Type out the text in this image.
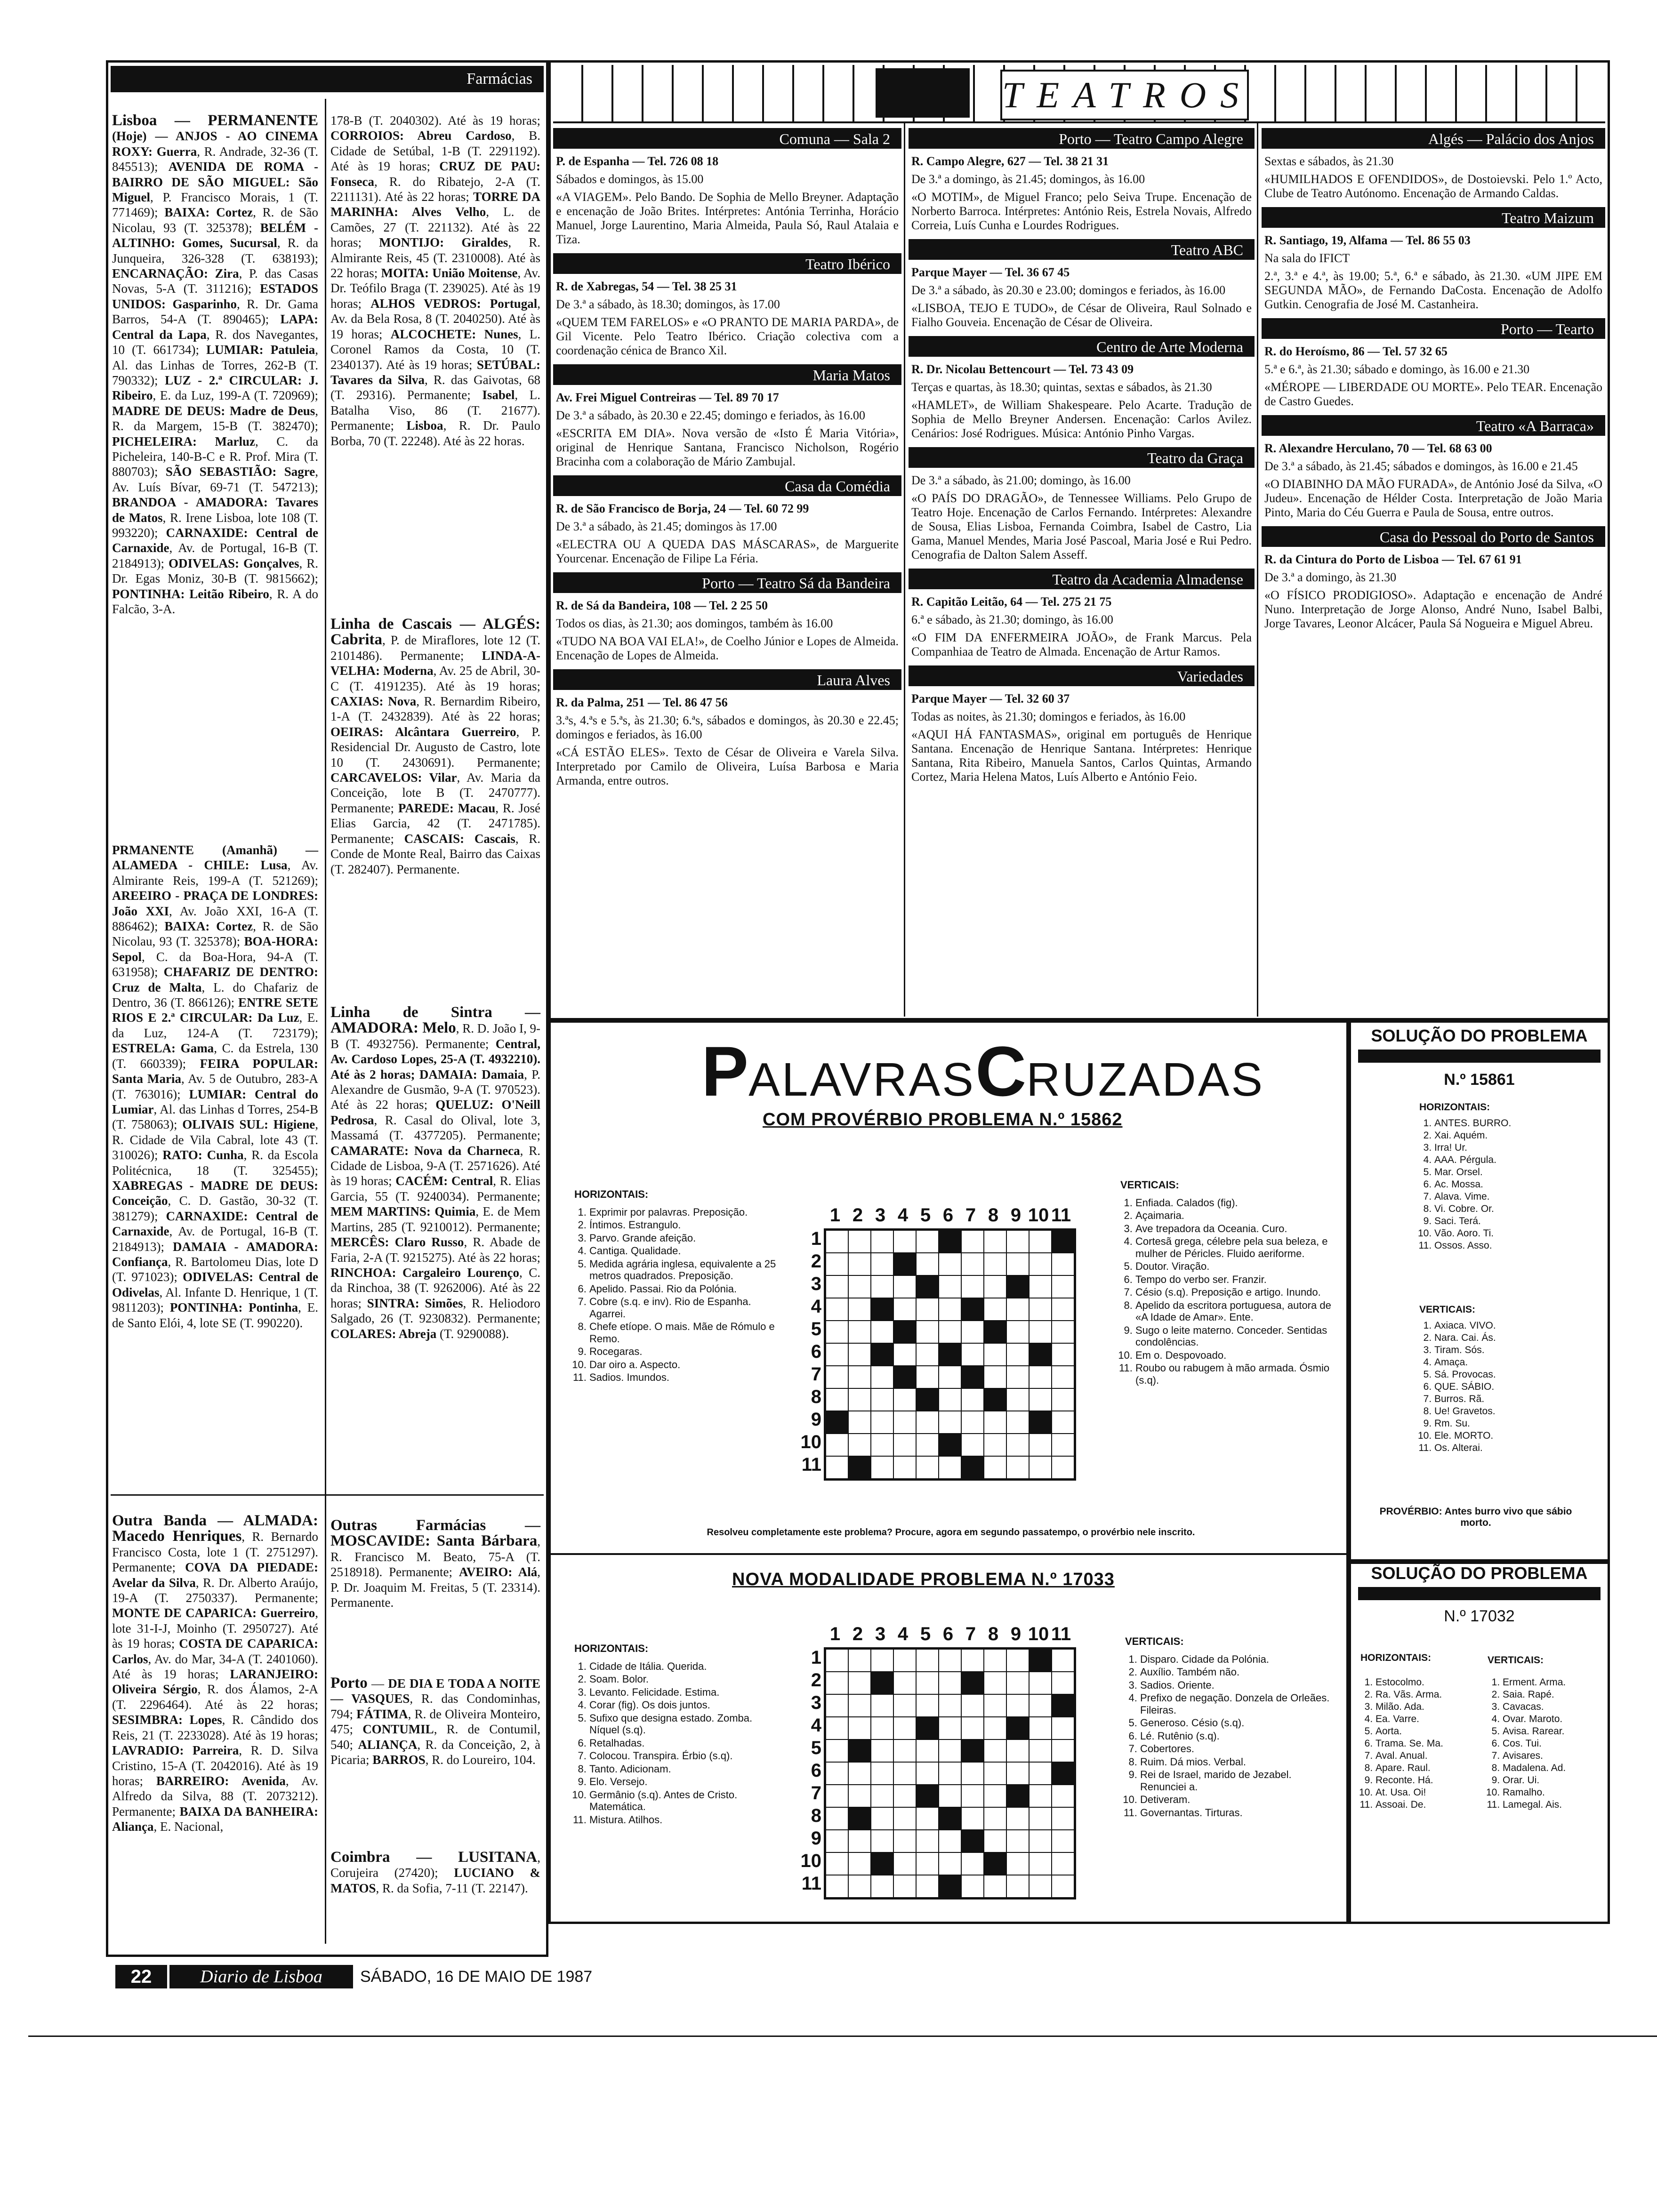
Farmácias

Lisboa — PERMANENTE (Hoje) — ANJOS - AO CINEMA ROXY: Guerra, R. Andrade, 32-36 (T. 845513); AVENIDA DE ROMA - BAIRRO DE SÃO MIGUEL: São Miguel, P. Francisco Morais, 1 (T. 771469); BAIXA: Cortez, R. de São Nicolau, 93 (T. 325378); BELÉM - ALTINHO: Gomes, Sucursal, R. da Junqueira, 326-328 (T. 638193); ENCARNAÇÃO: Zira, P. das Casas Novas, 5-A (T. 311216); ESTADOS UNIDOS: Gasparinho, R. Dr. Gama Barros, 54-A (T. 890465); LAPA: Central da Lapa, R. dos Navegantes, 10 (T. 661734); LUMIAR: Patuleia, Al. das Linhas de Torres, 262-B (T. 790332); LUZ - 2.ª CIRCULAR: J. Ribeiro, E. da Luz, 199-A (T. 720969); MADRE DE DEUS: Madre de Deus, R. da Margem, 15-B (T. 382470); PICHELEIRA: Marluz, C. da Picheleira, 140-B-C e R. Prof. Mira (T. 880703); SÃO SEBASTIÃO: Sagre, Av. Luís Bívar, 69-71 (T. 547213); BRANDOA - AMADORA: Tavares de Matos, R. Irene Lisboa, lote 108 (T. 993220); CARNAXIDE: Central de Carnaxide, Av. de Portugal, 16-B (T. 2184913); ODIVELAS: Gonçalves, R. Dr. Egas Moniz, 30-B (T. 9815662); PONTINHA: Leitão Ribeiro, R. A do Falcão, 3-A.

PRMANENTE (Amanhã) — ALAMEDA - CHILE: Lusa, Av. Almirante Reis, 199-A (T. 521269); AREEIRO - PRAÇA DE LONDRES: João XXI, Av. João XXI, 16-A (T. 886462); BAIXA: Cortez, R. de São Nicolau, 93 (T. 325378); BOA-HORA: Sepol, C. da Boa-Hora, 94-A (T. 631958); CHAFARIZ DE DENTRO: Cruz de Malta, L. do Chafariz de Dentro, 36 (T. 866126); ENTRE SETE RIOS E 2.ª CIRCULAR: Da Luz, E. da Luz, 124-A (T. 723179); ESTRELA: Gama, C. da Estrela, 130 (T. 660339); FEIRA POPULAR: Santa Maria, Av. 5 de Outubro, 283-A (T. 763016); LUMIAR: Central do Lumiar, Al. das Linhas d Torres, 254-B (T. 758063); OLIVAIS SUL: Higiene, R. Cidade de Vila Cabral, lote 43 (T. 310026); RATO: Cunha, R. da Escola Politécnica, 18 (T. 325455); XABREGAS - MADRE DE DEUS: Conceição, C. D. Gastão, 30-32 (T. 381279); CARNAXIDE: Central de Carnaxide, Av. de Portugal, 16-B (T. 2184913); DAMAIA - AMADORA: Confiança, R. Bartolomeu Dias, lote D (T. 971023); ODIVELAS: Central de Odivelas, Al. Infante D. Henrique, 1 (T. 9811203); PONTINHA: Pontinha, E. de Santo Elói, 4, lote SE (T. 990220).

Outra Banda — ALMADA: Macedo Henriques, R. Bernardo Francisco Costa, lote 1 (T. 2751297). Permanente; COVA DA PIEDADE: Avelar da Silva, R. Dr. Alberto Araújo, 19-A (T. 2750337). Permanente; MONTE DE CAPARICA: Guerreiro, lote 31-I-J, Moinho (T. 2950727). Até às 19 horas; COSTA DE CAPARICA: Carlos, Av. do Mar, 34-A (T. 2401060). Até às 19 horas; LARANJEIRO: Oliveira Sérgio, R. dos Álamos, 2-A (T. 2296464). Até às 22 horas; SESIMBRA: Lopes, R. Cândido dos Reis, 21 (T. 2233028). Até às 19 horas; LAVRADIO: Parreira, R. D. Silva Cristino, 15-A (T. 2042016). Até às 19 horas; BARREIRO: Avenida, Av. Alfredo da Silva, 88 (T. 2073212). Permanente; BAIXA DA BANHEIRA: Aliança, E. Nacional,

178-B (T. 2040302). Até às 19 horas; CORROIOS: Abreu Cardoso, B. Cidade de Setúbal, 1-B (T. 2291192). Até às 19 horas; CRUZ DE PAU: Fonseca, R. do Ribatejo, 2-A (T. 2211131). Até às 22 horas; TORRE DA MARINHA: Alves Velho, L. de Camões, 27 (T. 221132). Até às 22 horas; MONTIJO: Giraldes, R. Almirante Reis, 45 (T. 2310008). Até às 22 horas; MOITA: União Moitense, Av. Dr. Teófilo Braga (T. 239025). Até às 19 horas; ALHOS VEDROS: Portugal, Av. da Bela Rosa, 8 (T. 2040250). Até às 19 horas; ALCOCHETE: Nunes, L. Coronel Ramos da Costa, 10 (T. 2340137). Até às 19 horas; SETÚBAL: Tavares da Silva, R. das Gaivotas, 68 (T. 29316). Permanente; Isabel, L. Batalha Viso, 86 (T. 21677). Permanente; Lisboa, R. Dr. Paulo Borba, 70 (T. 22248). Até às 22 horas.

Linha de Cascais — ALGÉS: Cabrita, P. de Miraflores, lote 12 (T. 2101486). Permanente; LINDA-A-VELHA: Moderna, Av. 25 de Abril, 30-C (T. 4191235). Até às 19 horas; CAXIAS: Nova, R. Bernardim Ribeiro, 1-A (T. 2432839). Até às 22 horas; OEIRAS: Alcântara Guerreiro, P. Residencial Dr. Augusto de Castro, lote 10 (T. 2430691). Permanente; CARCAVELOS: Vilar, Av. Maria da Conceição, lote B (T. 2470777). Permanente; PAREDE: Macau, R. José Elias Garcia, 42 (T. 2471785). Permanente; CASCAIS: Cascais, R. Conde de Monte Real, Bairro das Caixas (T. 282407). Permanente.

Linha de Sintra — AMADORA: Melo, R. D. João I, 9-B (T. 4932756). Permanente; Central, Av. Cardoso Lopes, 25-A (T. 4932210). Até às 2 horas; DAMAIA: Damaia, P. Alexandre de Gusmão, 9-A (T. 970523). Até às 22 horas; QUELUZ: O'Neill Pedrosa, R. Casal do Olival, lote 3, Massamá (T. 4377205). Permanente; CAMARATE: Nova da Charneca, R. Cidade de Lisboa, 9-A (T. 2571626). Até às 19 horas; CACÉM: Central, R. Elias Garcia, 55 (T. 9240034). Permanente; MEM MARTINS: Quimia, E. de Mem Martins, 285 (T. 9210012). Permanente; MERCÊS: Claro Russo, R. Abade de Faria, 2-A (T. 9215275). Até às 22 horas; RINCHOA: Cargaleiro Lourenço, C. da Rinchoa, 38 (T. 9262006). Até às 22 horas; SINTRA: Simões, R. Heliodoro Salgado, 26 (T. 9230832). Permanente; COLARES: Abreja (T. 9290088).

Outras Farmácias — MOSCAVIDE: Santa Bárbara, R. Francisco M. Beato, 75-A (T. 2518918). Permanente; AVEIRO: Alá, P. Dr. Joaquim M. Freitas, 5 (T. 23314). Permanente.

Porto — DE DIA E TODA A NOITE — VASQUES, R. das Condominhas, 794; FÁTIMA, R. de Oliveira Monteiro, 475; CONTUMIL, R. de Contumil, 540; ALIANÇA, R. da Conceição, 2, à Picaria; BARROS, R. do Loureiro, 104.

Coimbra — LUSITANA, Corujeira (27420); LUCIANO & MATOS, R. da Sofia, 7-11 (T. 22147).

TEATROS
Comuna — Sala 2
P. de Espanha — Tel. 726 08 18
Sábados e domingos, às 15.00
«A VIAGEM». Pelo Bando. De Sophia de Mello Breyner. Adaptação e encenação de João Brites. Intérpretes: Antónia Terrinha, Horácio Manuel, Jorge Laurentino, Maria Almeida, Paula Só, Raul Atalaia e Tiza.
Teatro Ibérico
R. de Xabregas, 54 — Tel. 38 25 31
De 3.ª a sábado, às 18.30; domingos, às 17.00
«QUEM TEM FARELOS» e «O PRANTO DE MARIA PARDA», de Gil Vicente. Pelo Teatro Ibérico. Criação colectiva com a coordenação cénica de Branco Xil.
Maria Matos
Av. Frei Miguel Contreiras — Tel. 89 70 17
De 3.ª a sábado, às 20.30 e 22.45; domingo e feriados, às 16.00
«ESCRITA EM DIA». Nova versão de «Isto É Maria Vitória», original de Henrique Santana, Francisco Nicholson, Rogério Bracinha com a colaboração de Mário Zambujal.
Casa da Comédia
R. de São Francisco de Borja, 24 — Tel. 60 72 99
De 3.ª a sábado, às 21.45; domingos às 17.00
«ELECTRA OU A QUEDA DAS MÁSCARAS», de Marguerite Yourcenar. Encenação de Filipe La Féria.
Porto — Teatro Sá da Bandeira
R. de Sá da Bandeira, 108 — Tel. 2 25 50
Todos os dias, às 21.30; aos domingos, também às 16.00
«TUDO NA BOA VAI ELA!», de Coelho Júnior e Lopes de Almeida. Encenação de Lopes de Almeida.
Laura Alves
R. da Palma, 251 — Tel. 86 47 56
3.ªs, 4.ªs e 5.ªs, às 21.30; 6.ªs, sábados e domingos, às 20.30 e 22.45; domingos e feriados, às 16.00
«CÁ ESTÃO ELES». Texto de César de Oliveira e Varela Silva. Interpretado por Camilo de Oliveira, Luísa Barbosa e Maria Armanda, entre outros.
Porto — Teatro Campo Alegre
R. Campo Alegre, 627 — Tel. 38 21 31
De 3.ª a domingo, às 21.45; domingos, às 16.00
«O MOTIM», de Miguel Franco; pelo Seiva Trupe. Encenação de Norberto Barroca. Intérpretes: António Reis, Estrela Novais, Alfredo Correia, Luís Cunha e Lourdes Rodrigues.
Teatro ABC
Parque Mayer — Tel. 36 67 45
De 3.ª a sábado, às 20.30 e 23.00; domingos e feriados, às 16.00
«LISBOA, TEJO E TUDO», de César de Oliveira, Raul Solnado e Fialho Gouveia. Encenação de César de Oliveira.
Centro de Arte Moderna
R. Dr. Nicolau Bettencourt — Tel. 73 43 09
Terças e quartas, às 18.30; quintas, sextas e sábados, às 21.30
«HAMLET», de William Shakespeare. Pelo Acarte. Tradução de Sophia de Mello Breyner Andersen. Encenação: Carlos Avilez. Cenários: José Rodrigues. Música: António Pinho Vargas.
Teatro da Graça
De 3.ª a sábado, às 21.00; domingo, às 16.00
«O PAÍS DO DRAGÃO», de Tennessee Williams. Pelo Grupo de Teatro Hoje. Encenação de Carlos Fernando. Intérpretes: Alexandre de Sousa, Elias Lisboa, Fernanda Coimbra, Isabel de Castro, Lia Gama, Manuel Mendes, Maria José Pascoal, Maria José e Rui Pedro. Cenografia de Dalton Salem Asseff.
Teatro da Academia Almadense
R. Capitão Leitão, 64 — Tel. 275 21 75
6.ª e sábado, às 21.30; domingo, às 16.00
«O FIM DA ENFERMEIRA JOÃO», de Frank Marcus. Pela Companhiaa de Teatro de Almada. Encenação de Artur Ramos.
Variedades
Parque Mayer — Tel. 32 60 37
Todas as noites, às 21.30; domingos e feriados, às 16.00
«AQUI HÁ FANTASMAS», original em português de Henrique Santana. Encenação de Henrique Santana. Intérpretes: Henrique Santana, Rita Ribeiro, Manuela Santos, Carlos Quintas, Armando Cortez, Maria Helena Matos, Luís Alberto e António Feio.
Algés — Palácio dos Anjos
Sextas e sábados, às 21.30
«HUMILHADOS E OFENDIDOS», de Dostoievski. Pelo 1.º Acto, Clube de Teatro Autónomo. Encenação de Armando Caldas.
Teatro Maizum
R. Santiago, 19, Alfama — Tel. 86 55 03
Na sala do IFICT
2.ª, 3.ª e 4.ª, às 19.00; 5.ª, 6.ª e sábado, às 21.30. «UM JIPE EM SEGUNDA MÃO», de Fernando DaCosta. Encenação de Adolfo Gutkin. Cenografia de José M. Castanheira.
Porto — Tearto
R. do Heroísmo, 86 — Tel. 57 32 65
5.ª e 6.ª, às 21.30; sábado e domingo, às 16.00 e 21.30
«MÉROPE — LIBERDADE OU MORTE». Pelo TEAR. Encenação de Castro Guedes.
Teatro «A Barraca»
R. Alexandre Herculano, 70 — Tel. 68 63 00
De 3.ª a sábado, às 21.45; sábados e domingos, às 16.00 e 21.45
«O DIABINHO DA MÃO FURADA», de António José da Silva, «O Judeu». Encenação de Hélder Costa. Interpretação de João Maria Pinto, Maria do Céu Guerra e Paula de Sousa, entre outros.
Casa do Pessoal do Porto de Santos
R. da Cintura do Porto de Lisboa — Tel. 67 61 91
De 3.ª a domingo, às 21.30
«O FÍSICO PRODIGIOSO». Adaptação e encenação de André Nuno. Interpretação de Jorge Alonso, André Nuno, Isabel Balbi, Jorge Tavares, Leonor Alcácer, Paula Sá Nogueira e Miguel Abreu.
PALAVRASCRUZADAS
COM PROVÉRBIO PROBLEMA N.º 15862
HORIZONTAIS:
1. Exprimir por palavras. Preposição.
2. Íntimos. Estrangulo.
3. Parvo. Grande afeição.
4. Cantiga. Qualidade.
5. Medida agrária inglesa, equivalente a 25 metros quadrados. Preposição.
6. Apelido. Passai. Rio da Polónia.
7. Cobre (s.q. e inv). Rio de Espanha. Agarrei.
8. Chefe etíope. O mais. Mãe de Rómulo e Remo.
9. Rocegaras.
10. Dar oiro a. Aspecto.
11. Sadios. Imundos.
VERTICAIS:
1. Enfiada. Calados (fig).
2. Açaimaria.
3. Ave trepadora da Oceania. Curo.
4. Cortesã grega, célebre pela sua beleza, e mulher de Péricles. Fluido aeriforme.
5. Doutor. Viração.
6. Tempo do verbo ser. Franzir.
7. Césio (s.q). Preposição e artigo. Inundo.
8. Apelido da escritora portuguesa, autora de «A Idade de Amar». Ente.
9. Sugo o leite materno. Conceder. Sentidas condolências.
10. Em o. Despovoado.
11. Roubo ou rabugem à mão armada. Ósmio (s.q).
1 2 3 4 5 6 7 8 9 10 11
1
2
3
4
5
6
7
8
9
10
11
Resolveu completamente este problema? Procure, agora em segundo passatempo, o provérbio nele inscrito.
NOVA MODALIDADE PROBLEMA N.º 17033
HORIZONTAIS:
1. Cidade de Itália. Querida.
2. Soam. Bolor.
3. Levanto. Felicidade. Estima.
4. Corar (fig). Os dois juntos.
5. Sufixo que designa estado. Zomba. Níquel (s.q).
6. Retalhadas.
7. Colocou. Transpira. Érbio (s.q).
8. Tanto. Adicionam.
9. Elo. Versejo.
10. Germânio (s.q). Antes de Cristo. Matemática.
11. Mistura. Atilhos.
VERTICAIS:
1. Disparo. Cidade da Polónia.
2. Auxílio. Também não.
3. Sadios. Oriente.
4. Prefixo de negação. Donzela de Orleães. Fileiras.
5. Generoso. Césio (s.q).
6. Lé. Rutênio (s.q).
7. Cobertores.
8. Ruim. Dá mios. Verbal.
9. Rei de Israel, marido de Jezabel. Renunciei a.
10. Detiveram.
11. Governantas. Tirturas.
1 2 3 4 5 6 7 8 9 10 11
1
2
3
4
5
6
7
8
9
10
11
SOLUÇÃO DO PROBLEMA
N.º 15861
HORIZONTAIS:
1. ANTES. BURRO.
2. Xai. Aquém.
3. Irra! Ur.
4. AAA. Pérgula.
5. Mar. Orsel.
6. Ac. Mossa.
7. Alava. Vime.
8. Vi. Cobre. Or.
9. Saci. Terá.
10. Vão. Aoro. Ti.
11. Ossos. Asso.
VERTICAIS:
1. Axiaca. VIVO.
2. Nara. Cai. Ás.
3. Tiram. Sós.
4. Amaça.
5. Sá. Provocas.
6. QUE. SÁBIO.
7. Burros. Rã.
8. Ue! Gravetos.
9. Rm. Su.
10. Ele. MORTO.
11. Os. Alterai.
PROVÉRBIO: Antes burro vivo que sábio morto.
SOLUÇÃO DO PROBLEMA
N.º 17032
HORIZONTAIS:
1. Estocolmo.
2. Ra. Vãs. Arma.
3. Milão. Ada.
4. Ea. Varre.
5. Aorta.
6. Trama. Se. Ma.
7. Aval. Anual.
8. Apare. Raul.
9. Reconte. Há.
10. At. Usa. Oi!
11. Assoai. De.
VERTICAIS:
1. Erment. Arma.
2. Saia. Rapé.
3. Cavacas.
4. Ovar. Maroto.
5. Avisa. Rarear.
6. Cos. Tui.
7. Avisares.
8. Madalena. Ad.
9. Orar. Ui.
10. Ramalho.
11. Lamegal. Ais.
22	Diario de Lisboa	SÁBADO, 16 DE MAIO DE 1987
